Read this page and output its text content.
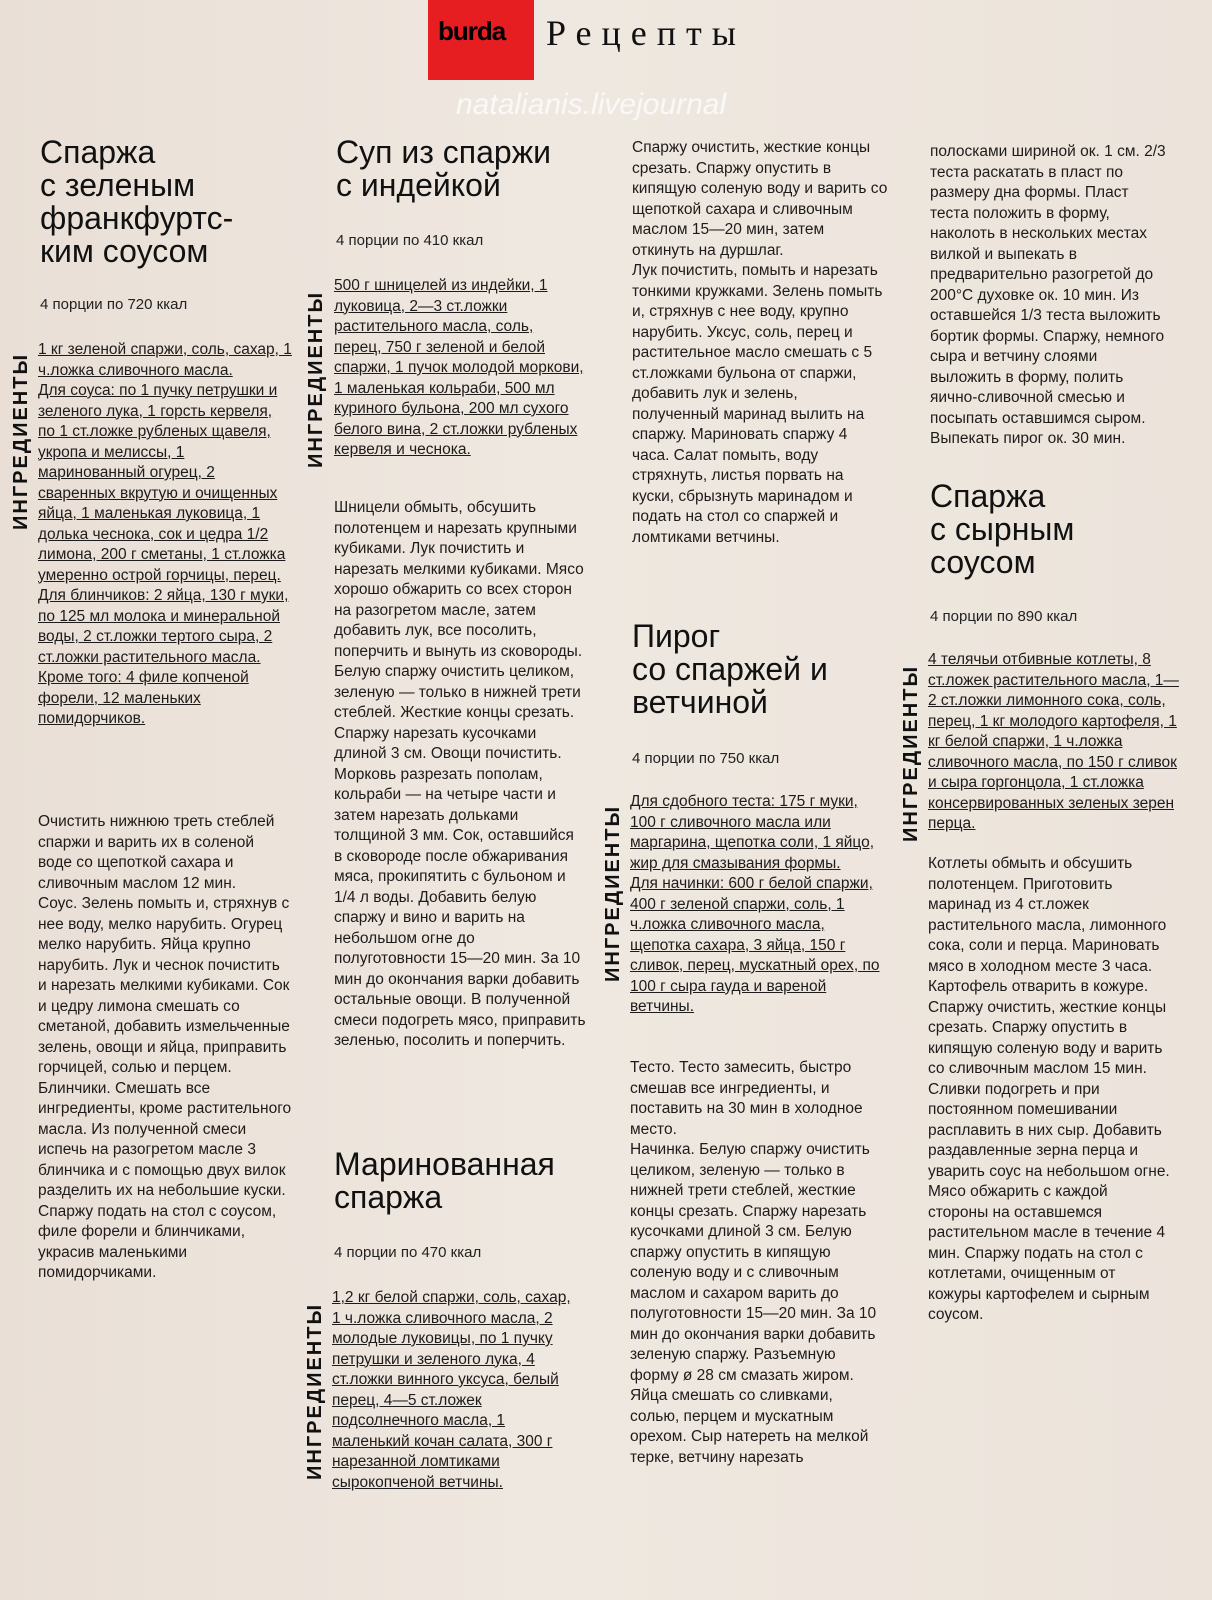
burda Рецепты
natalianis.livejournal
Спаржа
с зеленым
франкфуртс-
ким соусом
4 порции по 720 ккал
ИНГРЕДИЕНТЫ

1 кг зеленой спаржи, соль, сахар, 1 ч.ложка сливочного масла.

Для соуса: по 1 пучку петрушки и зеленого лука, 1 горсть кервеля, по 1 ст.ложке рубленых щавеля, укропа и мелиссы, 1 маринованный огурец, 2 сваренных вкрутую и очищенных яйца, 1 маленькая луковица, 1 долька чеснока, сок и цедра 1/2 лимона, 200 г сметаны, 1 ст.ложка умеренно острой горчицы, перец.

Для блинчиков: 2 яйца, 130 г муки, по 125 мл молока и минеральной воды, 2 ст.ложки тертого сыра, 2 ст.ложки растительного масла.

Кроме того: 4 филе копченой форели, 12 маленьких помидорчиков.

Очистить нижнюю треть стеблей спаржи и варить их в соленой воде со щепоткой сахара и сливочным маслом 12 мин.

Соус. Зелень помыть и, стряхнув с нее воду, мелко нарубить. Огурец мелко нарубить. Яйца крупно нарубить. Лук и чеснок почистить и нарезать мелкими кубиками. Сок и цедру лимона смешать со сметаной, добавить измельченные зелень, овощи и яйца, приправить горчицей, солью и перцем.

Блинчики. Смешать все ингредиенты, кроме растительного масла. Из полученной смеси испечь на разогретом масле 3 блинчика и с помощью двух вилок разделить их на небольшие куски. Спаржу подать на стол с соусом, филе форели и блинчиками, украсив маленькими помидорчиками.

Суп из спаржи
с индейкой
4 порции по 410 ккал
ИНГРЕДИЕНТЫ

500 г шницелей из индейки, 1 луковица, 2—3 ст.ложки растительного масла, соль, перец, 750 г зеленой и белой спаржи, 1 пучок молодой моркови, 1 маленькая кольраби, 500 мл куриного бульона, 200 мл сухого белого вина, 2 ст.ложки рубленых кервеля и чеснока.

Шницели обмыть, обсушить полотенцем и нарезать крупными кубиками. Лук почистить и нарезать мелкими кубиками. Мясо хорошо обжарить со всех сторон на разогретом масле, затем добавить лук, все посолить, поперчить и вынуть из сковороды. Белую спаржу очистить целиком, зеленую — только в нижней трети стеблей. Жесткие концы срезать. Спаржу нарезать кусочками длиной 3 см. Овощи почистить. Морковь разрезать пополам, кольраби — на четыре части и затем нарезать дольками толщиной 3 мм. Сок, оставшийся в сковороде после обжаривания мяса, прокипятить с бульоном и 1/4 л воды. Добавить белую спаржу и вино и варить на небольшом огне до полуготовности 15—20 мин. За 10 мин до окончания варки добавить остальные овощи. В полученной смеси подогреть мясо, приправить зеленью, посолить и поперчить.

Маринованная
спаржа
4 порции по 470 ккал
ИНГРЕДИЕНТЫ

1,2 кг белой спаржи, соль, сахар, 1 ч.ложка сливочного масла, 2 молодые луковицы, по 1 пучку петрушки и зеленого лука, 4 ст.ложки винного уксуса, белый перец, 4—5 ст.ложек подсолнечного масла, 1 маленький кочан салата, 300 г нарезанной ломтиками сырокопченой ветчины.

Спаржу очистить, жесткие концы срезать. Спаржу опустить в кипящую соленую воду и варить со щепоткой сахара и сливочным маслом 15—20 мин, затем откинуть на дуршлаг.

Лук почистить, помыть и нарезать тонкими кружками. Зелень помыть и, стряхнув с нее воду, крупно нарубить. Уксус, соль, перец и растительное масло смешать с 5 ст.ложками бульона от спаржи, добавить лук и зелень, полученный маринад вылить на спаржу. Мариновать спаржу 4 часа. Салат помыть, воду стряхнуть, листья порвать на куски, сбрызнуть маринадом и подать на стол со спаржей и ломтиками ветчины.

Пирог
со спаржей и
ветчиной
4 порции по 750 ккал
ИНГРЕДИЕНТЫ

Для сдобного теста: 175 г муки, 100 г сливочного масла или маргарина, щепотка соли, 1 яйцо, жир для смазывания формы.

Для начинки: 600 г белой спаржи, 400 г зеленой спаржи, соль, 1 ч.ложка сливочного масла, щепотка сахара, 3 яйца, 150 г сливок, перец, мускатный орех, по 100 г сыра гауда и вареной ветчины.

Тесто. Тесто замесить, быстро смешав все ингредиенты, и поставить на 30 мин в холодное место.

Начинка. Белую спаржу очистить целиком, зеленую — только в нижней трети стеблей, жесткие концы срезать. Спаржу нарезать кусочками длиной 3 см. Белую спаржу опустить в кипящую соленую воду и с сливочным маслом и сахаром варить до полуготовности 15—20 мин. За 10 мин до окончания варки добавить зеленую спаржу. Разъемную форму ø 28 см смазать жиром. Яйца смешать со сливками, солью, перцем и мускатным орехом. Сыр натереть на мелкой терке, ветчину нарезать

полосками шириной ок. 1 см. 2/3 теста раскатать в пласт по размеру дна формы. Пласт теста положить в форму, наколоть в нескольких местах вилкой и выпекать в предварительно разогретой до 200°С духовке ок. 10 мин. Из оставшейся 1/3 теста выложить бортик формы. Спаржу, немного сыра и ветчину слоями выложить в форму, полить яично-сливочной смесью и посыпать оставшимся сыром. Выпекать пирог ок. 30 мин.

Спаржа
с сырным
соусом
4 порции по 890 ккал
ИНГРЕДИЕНТЫ

4 телячьи отбивные котлеты, 8 ст.ложек растительного масла, 1—2 ст.ложки лимонного сока, соль, перец, 1 кг молодого картофеля, 1 кг белой спаржи, 1 ч.ложка сливочного масла, по 150 г сливок и сыра горгонцола, 1 ст.ложка консервированных зеленых зерен перца.

Котлеты обмыть и обсушить полотенцем. Приготовить маринад из 4 ст.ложек растительного масла, лимонного сока, соли и перца. Мариновать мясо в холодном месте 3 часа.

Картофель отварить в кожуре. Спаржу очистить, жесткие концы срезать. Спаржу опустить в кипящую соленую воду и варить со сливочным маслом 15 мин.

Сливки подогреть и при постоянном помешивании расплавить в них сыр. Добавить раздавленные зерна перца и уварить соус на небольшом огне. Мясо обжарить с каждой стороны на оставшемся растительном масле в течение 4 мин. Спаржу подать на стол с котлетами, очищенным от кожуры картофелем и сырным соусом.
